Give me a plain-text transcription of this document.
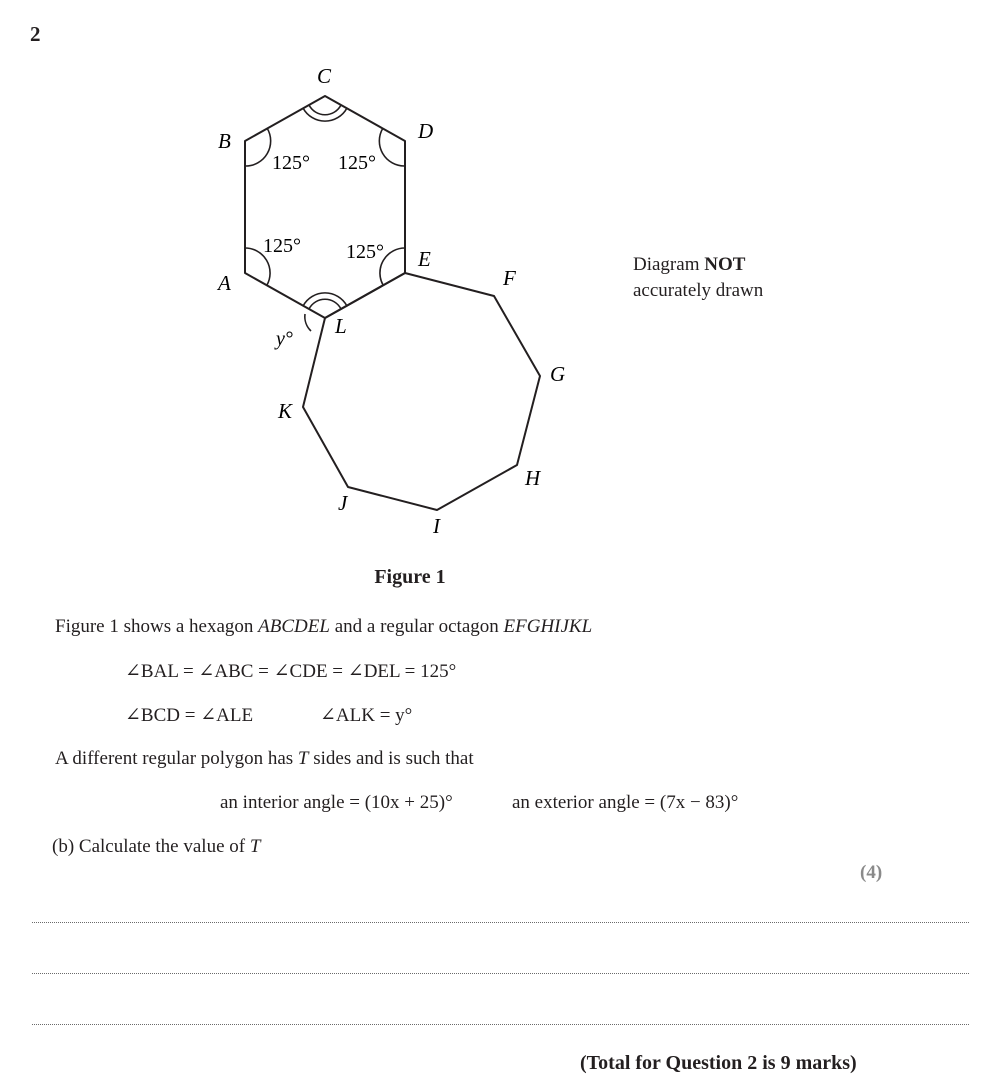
2
C
B	D
E
A	F
L
G
K
H
J
I
125° 125°
125° 125°
y°
Diagram NOT
accurately drawn
Figure 1
Figure 1 shows a hexagon ABCDEL and a regular octagon EFGHIJKL
∠BAL = ∠ABC = ∠CDE = ∠DEL = 125°
∠BCD = ∠ALE	∠ALK = y°
A different regular polygon has T sides and is such that
an interior angle = (10x + 25)°	an exterior angle = (7x − 83)°
(b) Calculate the value of T
(4)
(Total for Question 2 is 9 marks)
